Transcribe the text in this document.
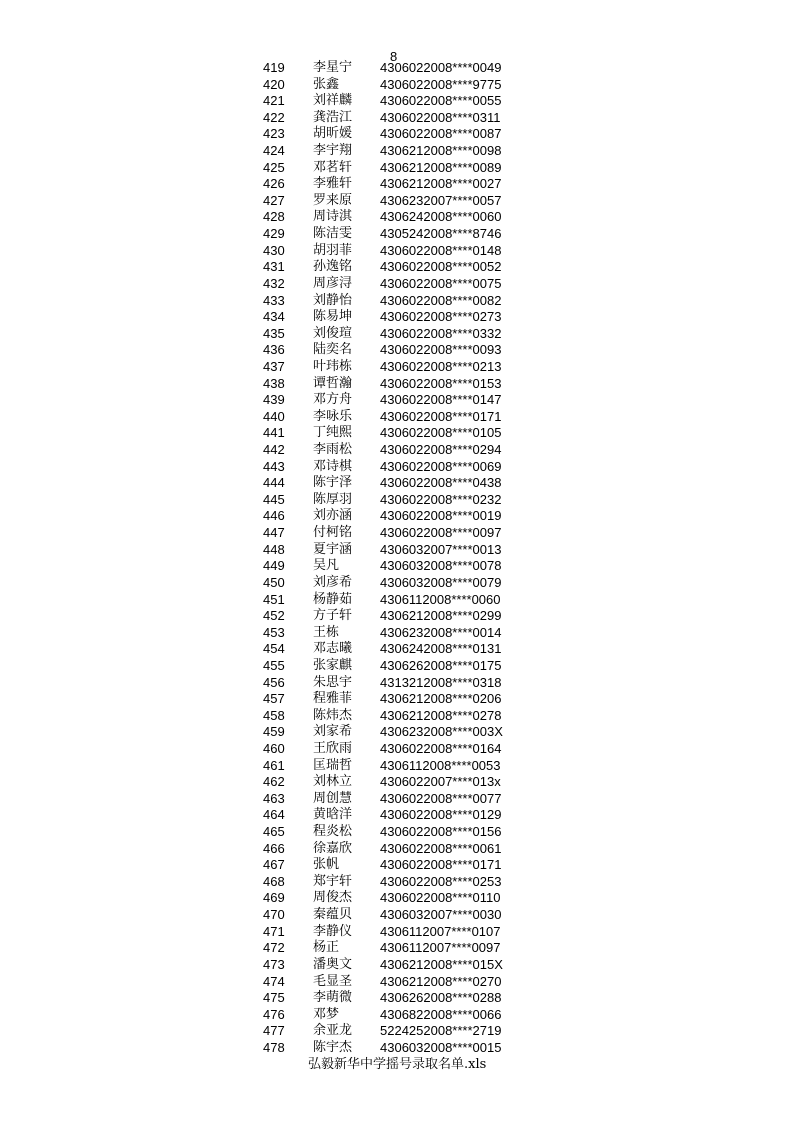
8
419	李星宁 4306022008****0049
420	张鑫	4306022008****9775
421	刘祥麟 4306022008****0055
422	龚浩江 4306022008****0311
423	胡昕媛 4306022008****0087
424	李宇翔 4306212008****0098
425	邓茗轩 4306212008****0089
426	李雅轩 4306212008****0027
427	罗来原 4306232007****0057
428	周诗淇 4306242008****0060
429	陈洁雯 4305242008****8746
430	胡羽菲 4306022008****0148
431	孙逸铭 4306022008****0052
432	周彦浔 4306022008****0075
433	刘静怡 4306022008****0082
434	陈易坤 4306022008****0273
435	刘俊瑄 4306022008****0332
436	陆奕名 4306022008****0093
437	叶玮栋 4306022008****0213
438	谭哲瀚 4306022008****0153
439	邓方舟 4306022008****0147
440	李咏乐 4306022008****0171
441	丁纯熙 4306022008****0105
442	李雨松 4306022008****0294
443	邓诗棋 4306022008****0069
444	陈宇泽 4306022008****0438
445	陈厚羽 4306022008****0232
446	刘亦涵 4306022008****0019
447	付柯铭 4306022008****0097
448	夏宇涵 4306032007****0013
449	吴凡	4306032008****0078
450	刘彦希 4306032008****0079
451	杨静茹 4306112008****0060
452	方子轩 4306212008****0299
453	王栋	4306232008****0014
454	邓志曦 4306242008****0131
455	张家麒 4306262008****0175
456	朱思宇 4313212008****0318
457	程雅菲 4306212008****0206
458	陈炜杰 4306212008****0278
459	刘家希 4306232008****003X
460	王欣雨 4306022008****0164
461	匡瑞哲 4306112008****0053
462	刘林立 4306022007****013x
463	周创慧 4306022008****0077
464	黄晗洋 4306022008****0129
465	程炎松 4306022008****0156
466	徐嘉欣 4306022008****0061
467	张帆	4306022008****0171
468	郑宇轩 4306022008****0253
469	周俊杰 4306022008****0110
470	秦蕴贝 4306032007****0030
471	李静仪 4306112007****0107
472	杨正	4306112007****0097
473	潘奥文 4306212008****015X
474	毛显圣 4306212008****0270
475	李萌微 4306262008****0288
476	邓梦	4306822008****0066
477	余亚龙 5224252008****2719
478	陈宇杰 4306032008****0015
弘毅新华中学摇号录取名单.xls
